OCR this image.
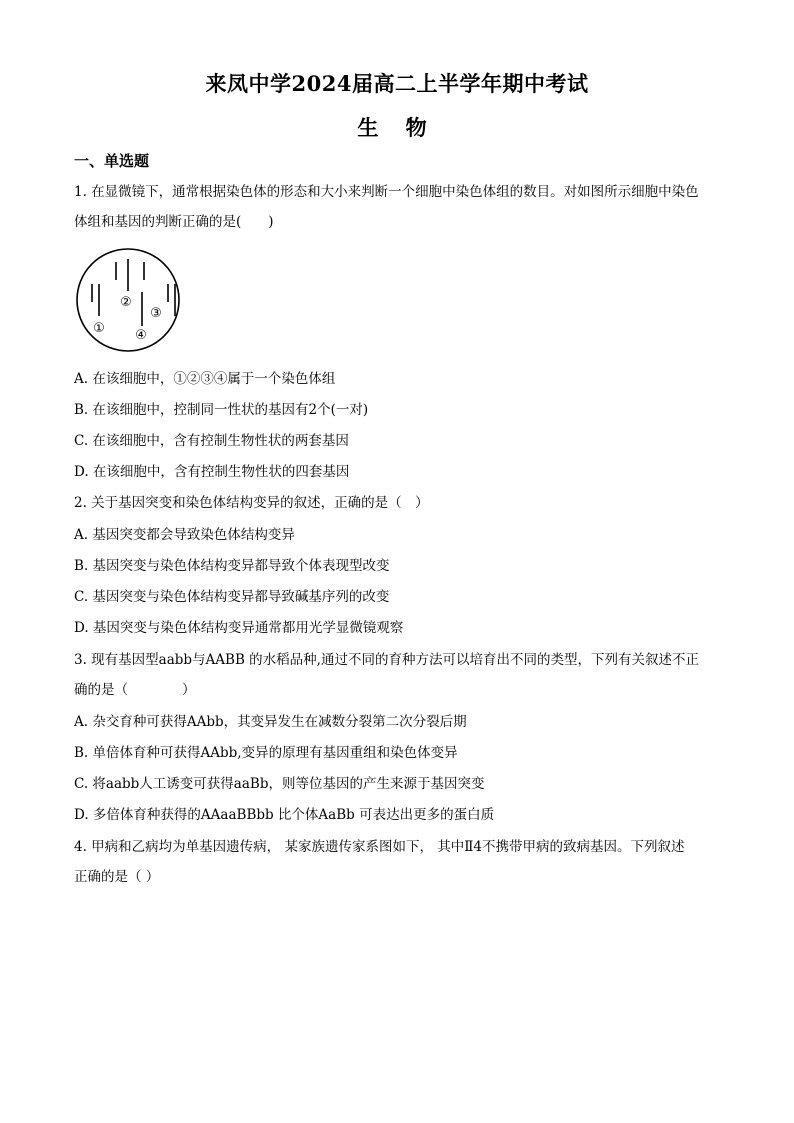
来凤中学2024届高二上半学年期中考试
生 物
一、单选题
1. 在显微镜下，通常根据染色体的形态和大小来判断一个细胞中染色体组的数目。对如图所示细胞中染色
体组和基因的判断正确的是(　　)
①
②
③
④
A. 在该细胞中，①②③④属于一个染色体组
B. 在该细胞中，控制同一性状的基因有2个(一对)
C. 在该细胞中，含有控制生物性状的两套基因
D. 在该细胞中，含有控制生物性状的四套基因
2. 关于基因突变和染色体结构变异的叙述，正确的是（　）
A. 基因突变都会导致染色体结构变异
B. 基因突变与染色体结构变异都导致个体表现型改变
C. 基因突变与染色体结构变异都导致碱基序列的改变
D. 基因突变与染色体结构变异通常都用光学显微镜观察
3. 现有基因型aabb与AABB 的水稻品种,通过不同的育种方法可以培育出不同的类型，下列有关叙述不正
确的是（　　　　）
A. 杂交育种可获得AAbb，其变异发生在减数分裂第二次分裂后期
B. 单倍体育种可获得AAbb,变异的原理有基因重组和染色体变异
C. 将aabb人工诱变可获得aaBb，则等位基因的产生来源于基因突变
D. 多倍体育种获得的AAaaBBbb 比个体AaBb 可表达出更多的蛋白质
4. 甲病和乙病均为单基因遗传病， 某家族遗传家系图如下， 其中Ⅱ4不携带甲病的致病基因。下列叙述
正确的是（ ）
